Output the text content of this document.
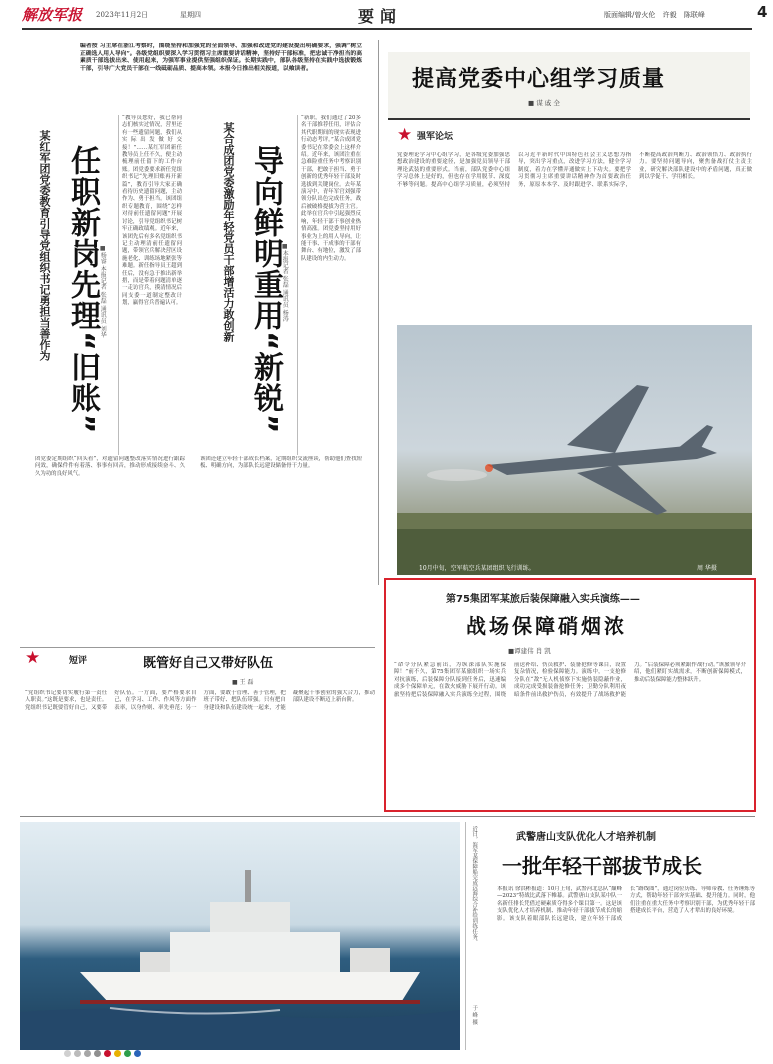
解放军报 2023年11月2日	星期四	要闻	版面编辑/曾火伦 许毅 陈联峰	4
编者按 习主席在浙江考察时，围绕坚持和加强党的全面领导、加强和改进党的建设提出明确要求，强调“树立正确选人用人导向”。各级党组织要深入学习贯彻习主席重要讲话精神，坚持好干部标准，把忠诚干净担当的高素质干部选拔出来、使用起来，为强军事业提供坚强组织保证。长期实践中，部队各级坚持在实践中选拔锻炼干部，引导广大党员干部在一线砥砺品质、提高本领。本报今日推出相关报道，以飨读者。
任职新岗先理“旧账”
某红军团党委教育引导党组织书记勇担当善作为	■杨睿 本报记者 张磊 通讯员 刘华
“教导员您好，我已帮同志们核实过情况，营里还有一些遗留问题，我们从实际出发做好交接！”……某红军团新任教导员上任不久，便主动梳理前任留下的工作台账。团党委要求新任党组织书记“先理旧账再开新篇”，教育引导大家正确看待历史遗留问题，主动作为、勇于担当。该团组织专题教育，围绕“怎样对待前任遗留问题”开展讨论，引导党组织书记树牢正确政绩观。近年来，该团先后有多名党组织书记主动理清前任遗留问题，带领官兵解决营区设施老化、训练场地紧张等难题。新任指导员王超到任后，没有急于推出新举措，而是带着问题清单逐一走访官兵，摸清情况后同支委一道制定整改计划，赢得官兵普遍认可。
团党委定期组织“回头看”，对遗留问题整改落实情况进行跟踪问效，确保件件有着落、事事有回音，推动形成接续奋斗、久久为功的良好风气。
导向鲜明重用“新锐”
某合成团党委激励年轻党员干部增活力敢创新	■本报记者 张磊 通讯员 杨涛
“新职，我们通过了20多名干部推荐任用，评估合其代职期间的现实表现进行动态考评。”某合成团党委书记在常委会上这样介绍。近年来，该团注重在急难险重任务中考察识别干部，把敢于担当、勇于创新的优秀年轻干部及时选拔到关键岗位。去年某演习中，青年军官刘强带领分队出色完成任务，战后被破格提拔为营主官。此举在官兵中引起强烈反响，年轻干部干事创业热情高涨。团党委坚持用好事业为上的用人导向，让能干事、干成事的干部有舞台、有地位，激发了部队建设的内生动力。
该团还建立年轻干部成长档案，定期组织交流座谈，帮助他们查找短板、明确方向，为部队长远建设储备骨干力量。
提高党委中心组学习质量
■ 谋 戚 全
★ 强军论坛
党委理论学习中心组学习，是各级党委加强思想政治建设的重要途径，是加强党员领导干部理论武装的重要形式。当前，部队党委中心组学习总体上是好的，但也存在学用脱节、深度不够等问题。提高中心组学习质量，必须坚持以习近平新时代中国特色社会主义思想为指导，突出学习重点，改进学习方法，健全学习制度，着力在学懂弄通做实上下功夫。要把学习贯彻习主席重要讲话精神作为首要政治任务，原原本本学、及时跟进学、联系实际学，不断提高政治判断力、政治领悟力、政治执行力。要坚持问题导向，聚焦备战打仗主责主业，研究解决部队建设中的矛盾问题，真正做到以学促干、学用相长。
10月中旬，空军航空兵某团组织飞行训练。	周 华摄
第75集团军某旅后装保障融入实兵演练——
战场保障硝烟浓
■谭建伟 肖 凯
“命令分队紧急前出，为纵深部队实施保障！”前不久，第75集团军某旅组织一场实兵对抗演练，后装保障分队接到任务后，迅速编成多个保障单元，在敌火威胁下展开行动。该旅坚持把后装保障融入实兵演练全过程，围绕前送补给、伤员救护、装备抢修等课目，设置复杂情况，检验保障能力。演练中，一支抢修分队在“敌”无人机侦察下实施伪装隐蔽作业，成功完成受损装备抢修任务；卫勤分队利用夜暗条件前出救护伤员，有效提升了战场救护能力。“后装保障必须紧跟作战行动。”该旅领导介绍，他们紧盯实战需求，不断创新保障模式，推动后装保障能力整体跃升。
★	短评	既管好自己又带好队伍
■ 王 磊
“党组织书记要切实履行第一责任人职责。”这既是要求，也是责任。党组织书记既要管好自己，又要带好队伍。一方面，要严格要求自己，在学习、工作、作风等方面作表率，以身作则、率先垂范；另一方面，要敢于管理、善于管理，把班子带好、把队伍带强。只有把自身建设和队伍建设统一起来，才能凝聚起干事创业的强大合力，推动部队建设不断迈上新台阶。
近日，海军某保障船完成远海综合补给训练任务。
于 峰 摄
武警唐山支队优化人才培养机制
一批年轻干部拔节成长
本报讯 徐洪彬报道：10月上旬，武警河北总队“巅峰—2023”特战比武落下帷幕。武警唐山支队某中队一名新任排长凭借过硬素质夺得多个课目第一。这是该支队优化人才培养机制、推动年轻干部拔节成长的缩影。该支队着眼部队长远建设，建立年轻干部成长“路线图”，通过岗位历练、导师带教、任务锤炼等方式，帮助年轻干部夯实基础、提升能力。同时，他们注重在重大任务中考察识别干部，为优秀年轻干部搭建成长平台，营造了人才辈出的良好环境。
